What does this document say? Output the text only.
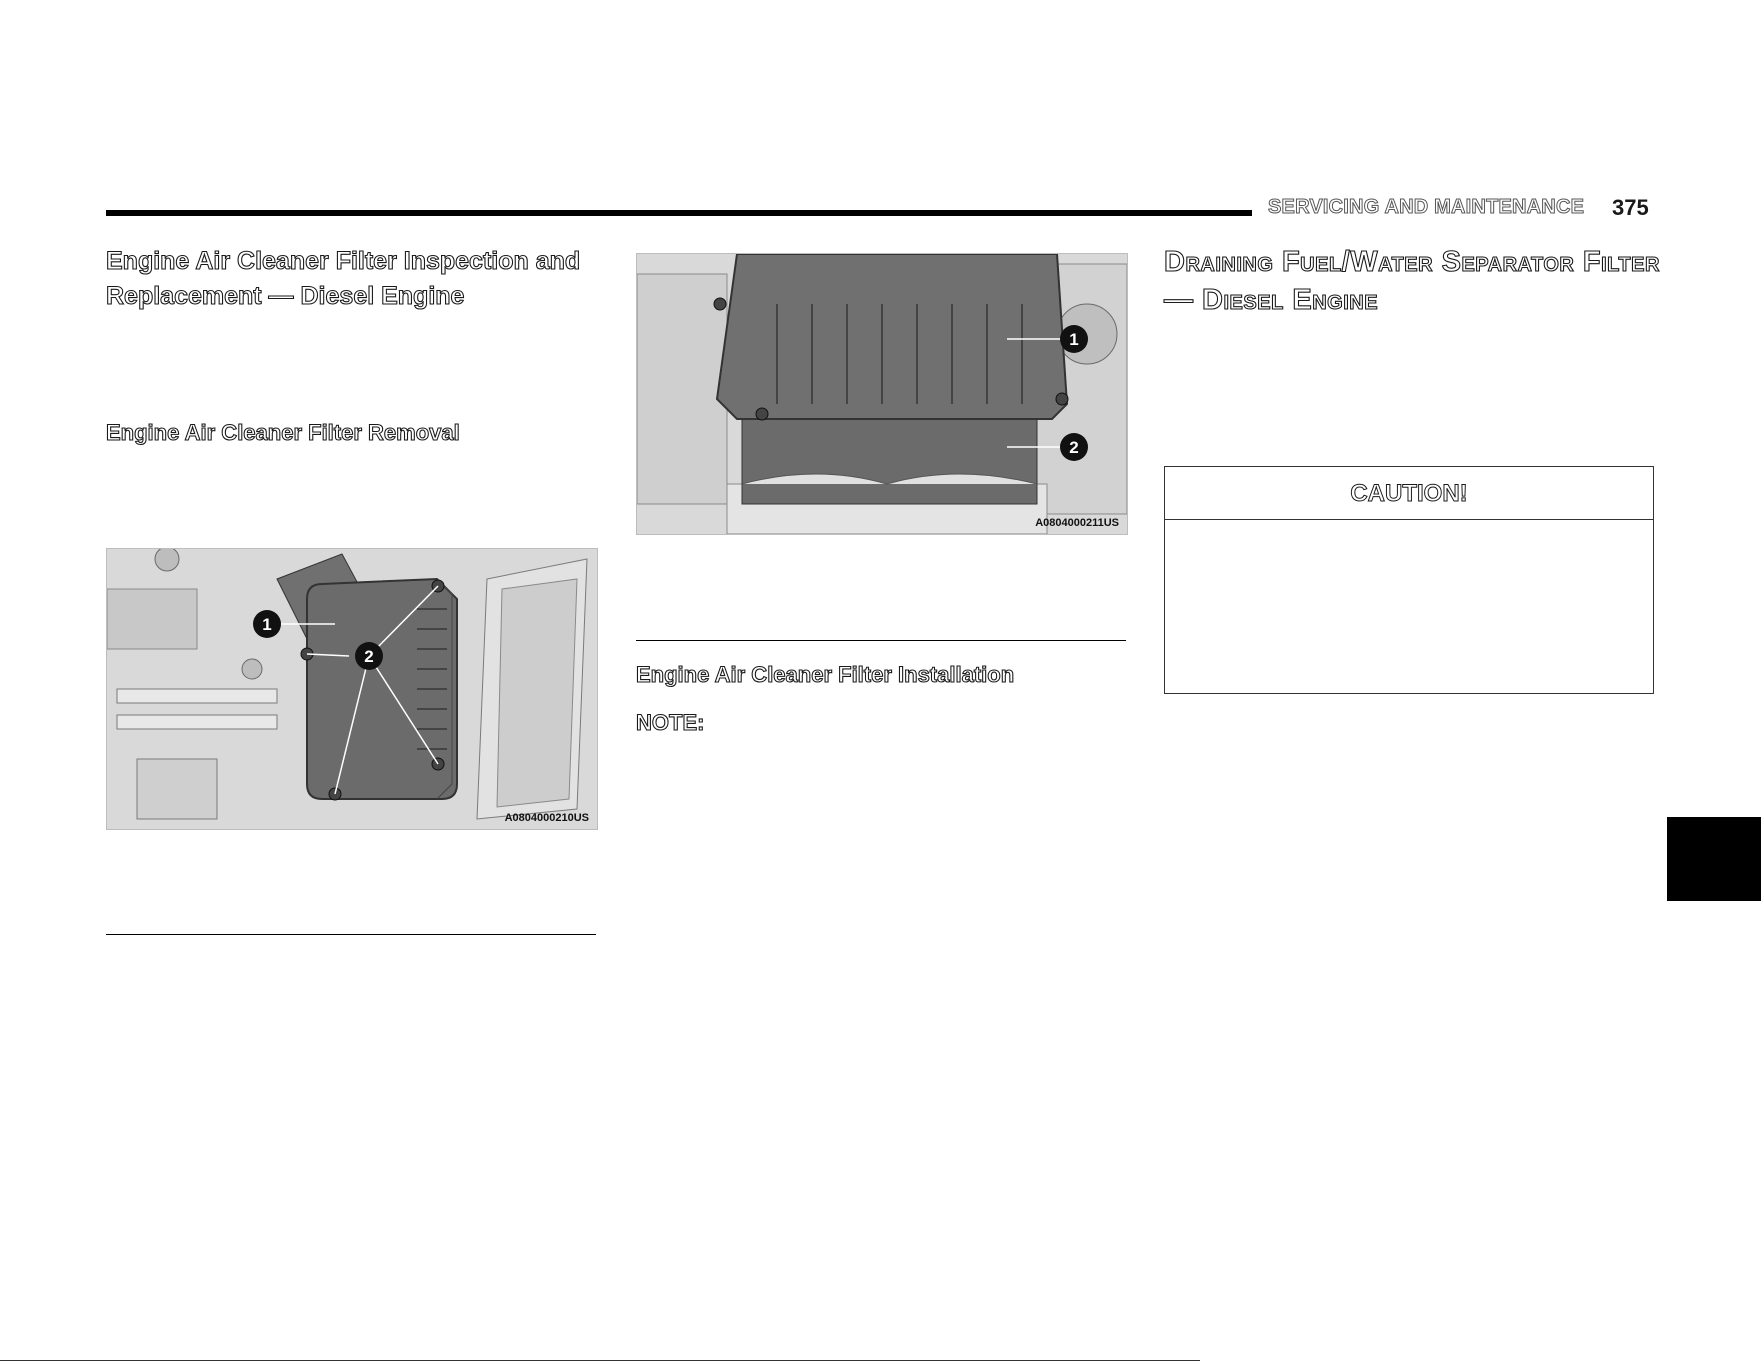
SERVICING AND MAINTENANCE 375
Engine Air Cleaner Filter Inspection and Replacement — Diesel Engine
Engine Air Cleaner Filter Removal
1
2
A0804000210US
1
2
A0804000211US
Engine Air Cleaner Filter Installation
NOTE:
Draining Fuel/Water Separator Filter — Diesel Engine
CAUTION!
